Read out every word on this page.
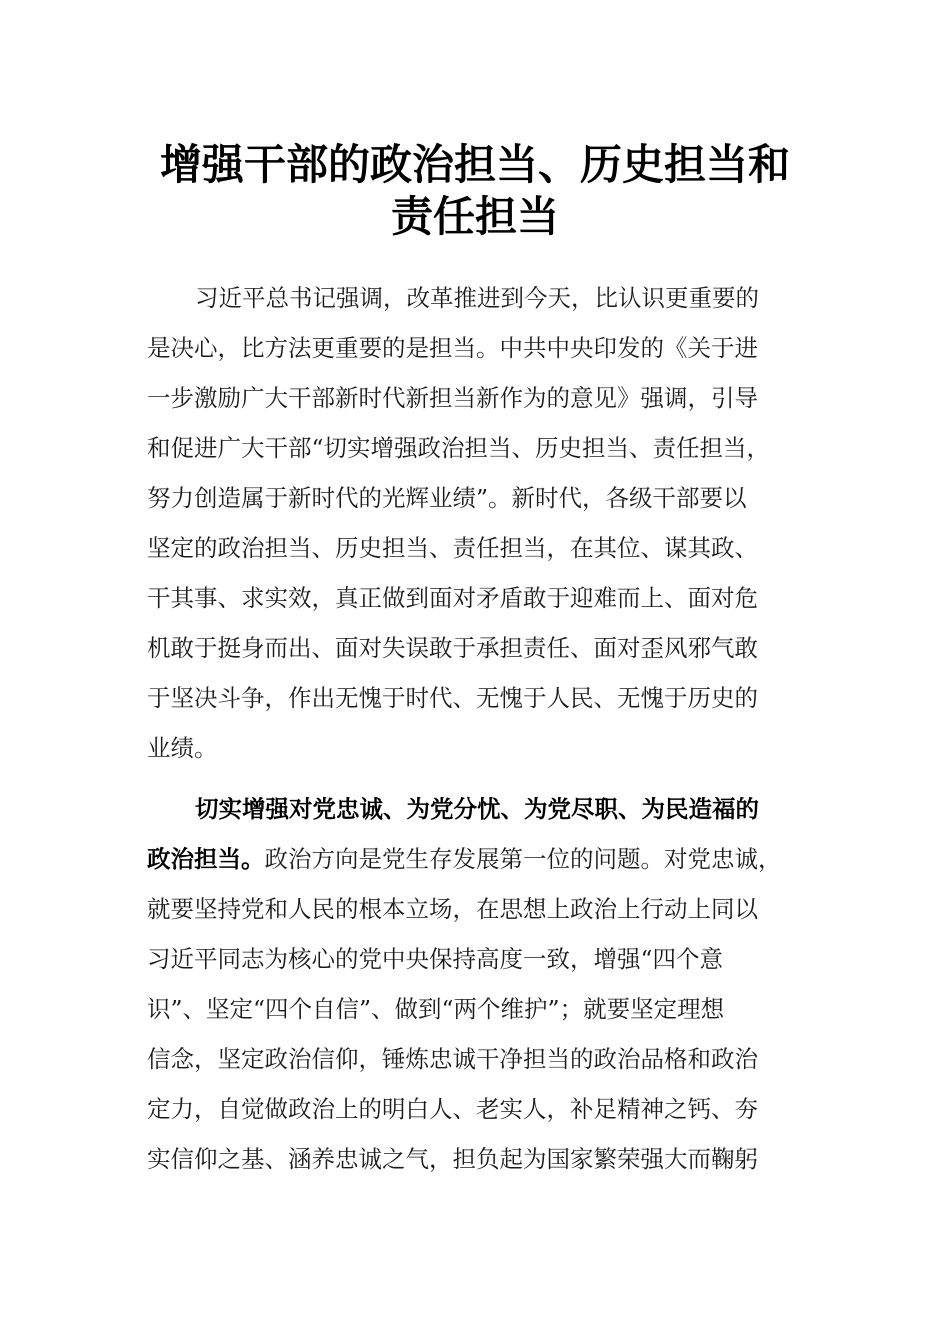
增强干部的政治担当、历史担当和
责任担当

习近平总书记强调，改革推进到今天，比认识更重要的

是决心，比方法更重要的是担当。中共中央印发的《关于进

一步激励广大干部新时代新担当新作为的意见》强调，引导

和促进广大干部“切实增强政治担当、历史担当、责任担当，

努力创造属于新时代的光辉业绩”。新时代，各级干部要以

坚定的政治担当、历史担当、责任担当，在其位、谋其政、

干其事、求实效，真正做到面对矛盾敢于迎难而上、面对危

机敢于挺身而出、面对失误敢于承担责任、面对歪风邪气敢

于坚决斗争，作出无愧于时代、无愧于人民、无愧于历史的

业绩。

切实增强对党忠诚、为党分忧、为党尽职、为民造福的

政治担当。政治方向是党生存发展第一位的问题。对党忠诚，

就要坚持党和人民的根本立场，在思想上政治上行动上同以

习近平同志为核心的党中央保持高度一致，增强“四个意

识”、坚定“四个自信”、做到“两个维护”；就要坚定理想

信念，坚定政治信仰，锤炼忠诚干净担当的政治品格和政治

定力，自觉做政治上的明白人、老实人，补足精神之钙、夯

实信仰之基、涵养忠诚之气，担负起为国家繁荣强大而鞠躬
